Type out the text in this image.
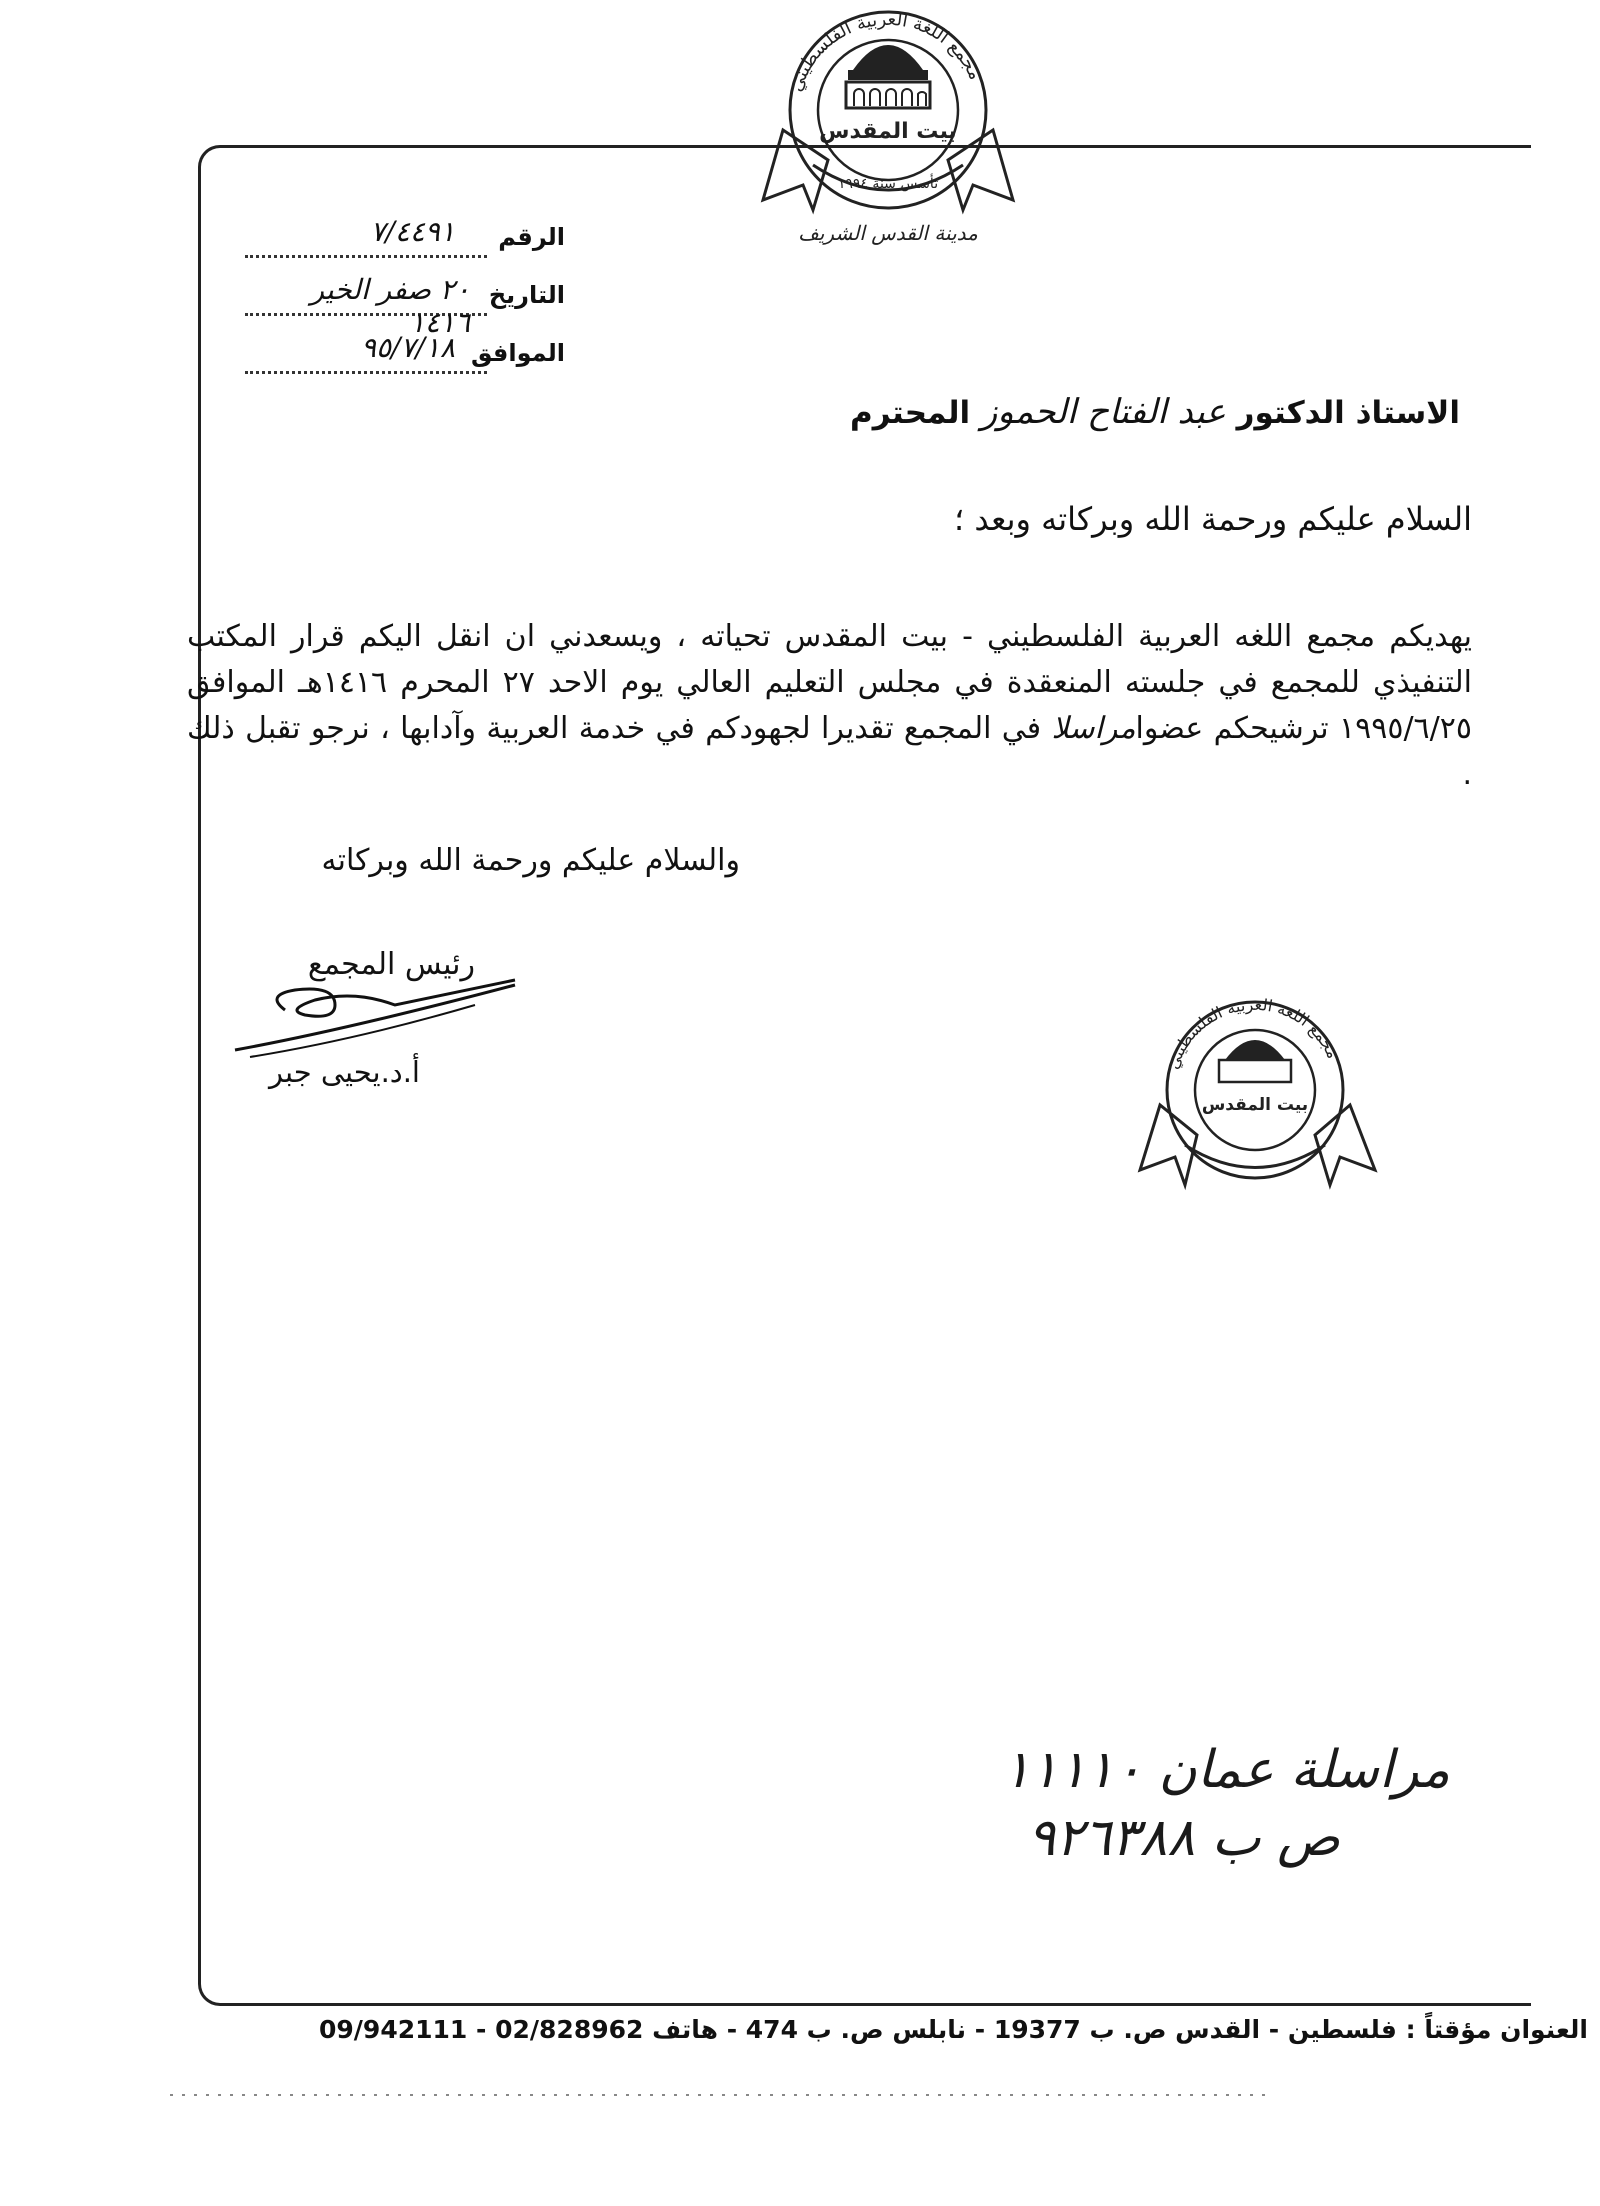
مجمع اللغة العربية الفلسطيني
بيت المقدس
تأسس سنة ١٩٩٤
مدينة القدس الشريف
الرقم
٧/٤٤٩١
التاريخ
٢٠ صفر الخير ١٤١٦
الموافق
٩٥/٧/١٨
الاستاذ الدكتور عبد الفتاح الحموز المحترم
السلام عليكم ورحمة الله وبركاته وبعد ؛
يهديكم مجمع اللغه العربية الفلسطيني - بيت المقدس تحياته ، ويسعدني ان انقل اليكم قرار المكتب التنفيذي للمجمع في جلسته المنعقدة في مجلس التعليم العالي يوم الاحد ٢٧ المحرم ١٤١٦هـ الموافق ١٩٩٥/٦/٢٥ ترشيحكم عضوامراسلا في المجمع تقديرا لجهودكم في خدمة العربية وآدابها ، نرجو تقبل ذلك .
والسلام عليكم ورحمة الله وبركاته
رئيس المجمع
أ.د.يحيى جبر	مجمع اللغة العربية الفلسطيني
بيت المقدس
مراسلة عمان ١١١١٠
ص ب ٩٢٦٣٨٨
العنوان مؤقتاً : فلسطين - القدس ص. ب 19377 - نابلس ص. ب 474 - هاتف 02/828962 - 09/942111
